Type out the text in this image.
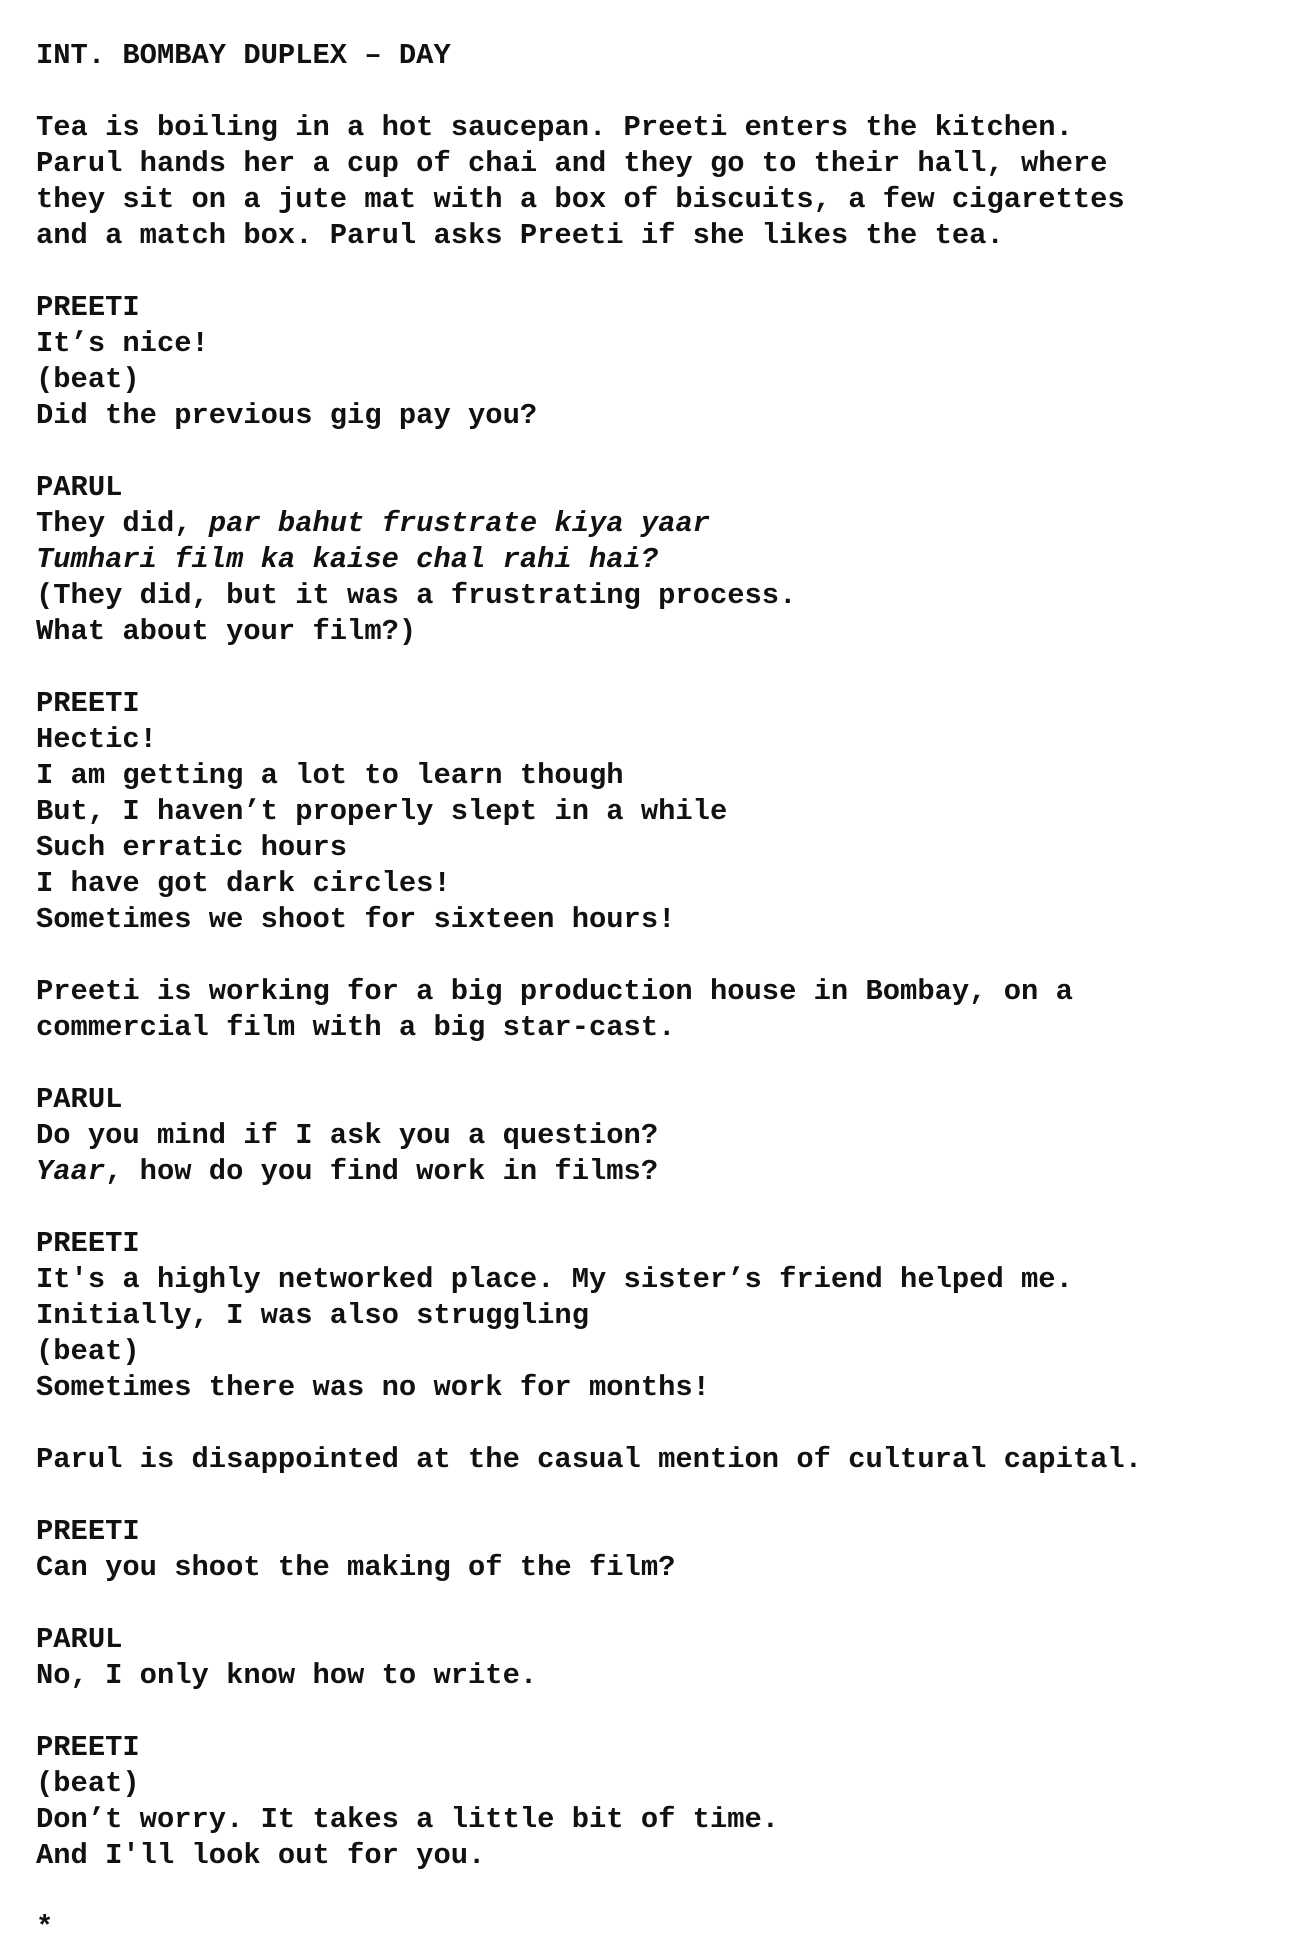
INT. BOMBAY DUPLEX – DAY
Tea is boiling in a hot saucepan. Preeti enters the kitchen.
Parul hands her a cup of chai and they go to their hall, where
they sit on a jute mat with a box of biscuits, a few cigarettes
and a match box. Parul asks Preeti if she likes the tea.
PREETI
It’s nice!
(beat)
Did the previous gig pay you?
PARUL
They did, par bahut frustrate kiya yaar
Tumhari film ka kaise chal rahi hai?
(They did, but it was a frustrating process.
What about your film?)
PREETI
Hectic!
I am getting a lot to learn though
But, I haven’t properly slept in a while
Such erratic hours
I have got dark circles!
Sometimes we shoot for sixteen hours!
Preeti is working for a big production house in Bombay, on a
commercial film with a big star-cast.
PARUL
Do you mind if I ask you a question?
Yaar, how do you find work in films?
PREETI
It's a highly networked place. My sister’s friend helped me.
Initially, I was also struggling
(beat)
Sometimes there was no work for months!
Parul is disappointed at the casual mention of cultural capital.
PREETI
Can you shoot the making of the film?
PARUL
No, I only know how to write.
PREETI
(beat)
Don’t worry. It takes a little bit of time.
And I'll look out for you.
*
